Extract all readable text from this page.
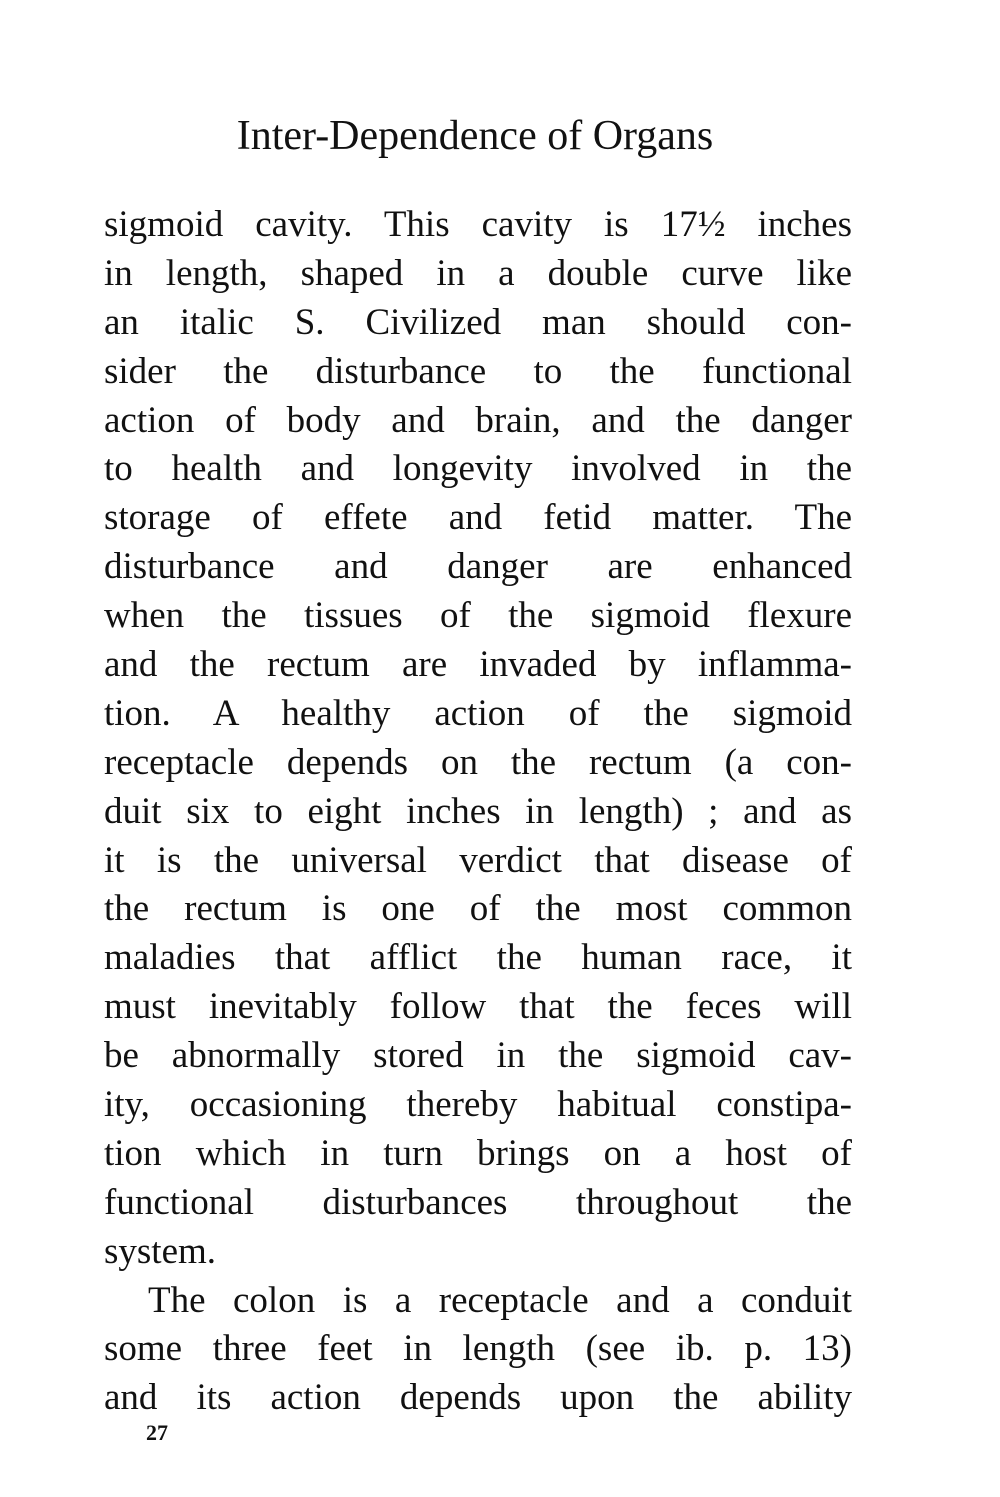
Inter-Dependence of Organs
sigmoid cavity. This cavity is 17½ inches
in length, shaped in a double curve like
an italic S. Civilized man should con-
sider the disturbance to the functional
action of body and brain, and the danger
to health and longevity involved in the
storage of effete and fetid matter. The
disturbance and danger are enhanced
when the tissues of the sigmoid flexure
and the rectum are invaded by inflamma-
tion. A healthy action of the sigmoid
receptacle depends on the rectum (a con-
duit six to eight inches in length) ; and as
it is the universal verdict that disease of
the rectum is one of the most common
maladies that afflict the human race, it
must inevitably follow that the feces will
be abnormally stored in the sigmoid cav-
ity, occasioning thereby habitual constipa-
tion which in turn brings on a host of
functional disturbances throughout the
system.
The colon is a receptacle and a conduit
some three feet in length (see ib. p. 13)
and its action depends upon the ability
27
